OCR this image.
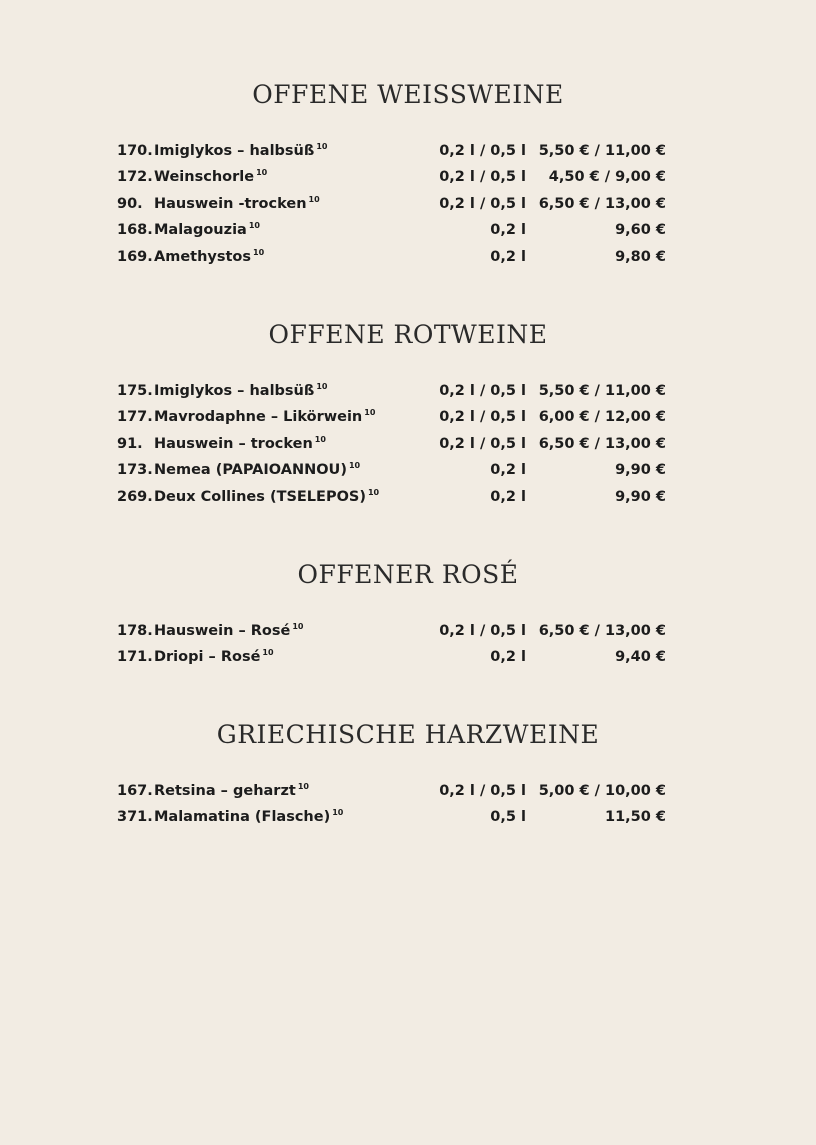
OFFENE WEISSWEINE
170. Imiglykos – halbsüß $^{10}$	0,2 l / 0,5 l 5,50 € / 11,00 €
172. Weinschorle $^{10}$	0,2 l / 0,5 l 4,50 € / 9,00 €
90. Hauswein -trocken $^{10}$	0,2 l / 0,5 l 6,50 € / 13,00 €
168. Malagouzia $^{10}$	0,2 l	9,60 €
169. Amethystos $^{10}$	0,2 l	9,80 €
OFFENE ROTWEINE
175. Imiglykos – halbsüß $^{10}$	0,2 l / 0,5 l 5,50 € / 11,00 €
177. Mavrodaphne – Likörwein $^{10}$	0,2 l / 0,5 l 6,00 € / 12,00 €
91. Hauswein – trocken $^{10}$	0,2 l / 0,5 l 6,50 € / 13,00 €
173. Nemea (PAPAIOANNOU) $^{10}$	0,2 l	9,90 €
269. Deux Collines (TSELEPOS) $^{10}$	0,2 l	9,90 €
OFFENER ROSÉ
178. Hauswein – Rosé $^{10}$	0,2 l / 0,5 l 6,50 € / 13,00 €
171. Driopi – Rosé $^{10}$	0,2 l	9,40 €
GRIECHISCHE HARZWEINE
167. Retsina – geharzt $^{10}$	0,2 l / 0,5 l 5,00 € / 10,00 €
371. Malamatina (Flasche) $^{10}$	0,5 l	11,50 €
